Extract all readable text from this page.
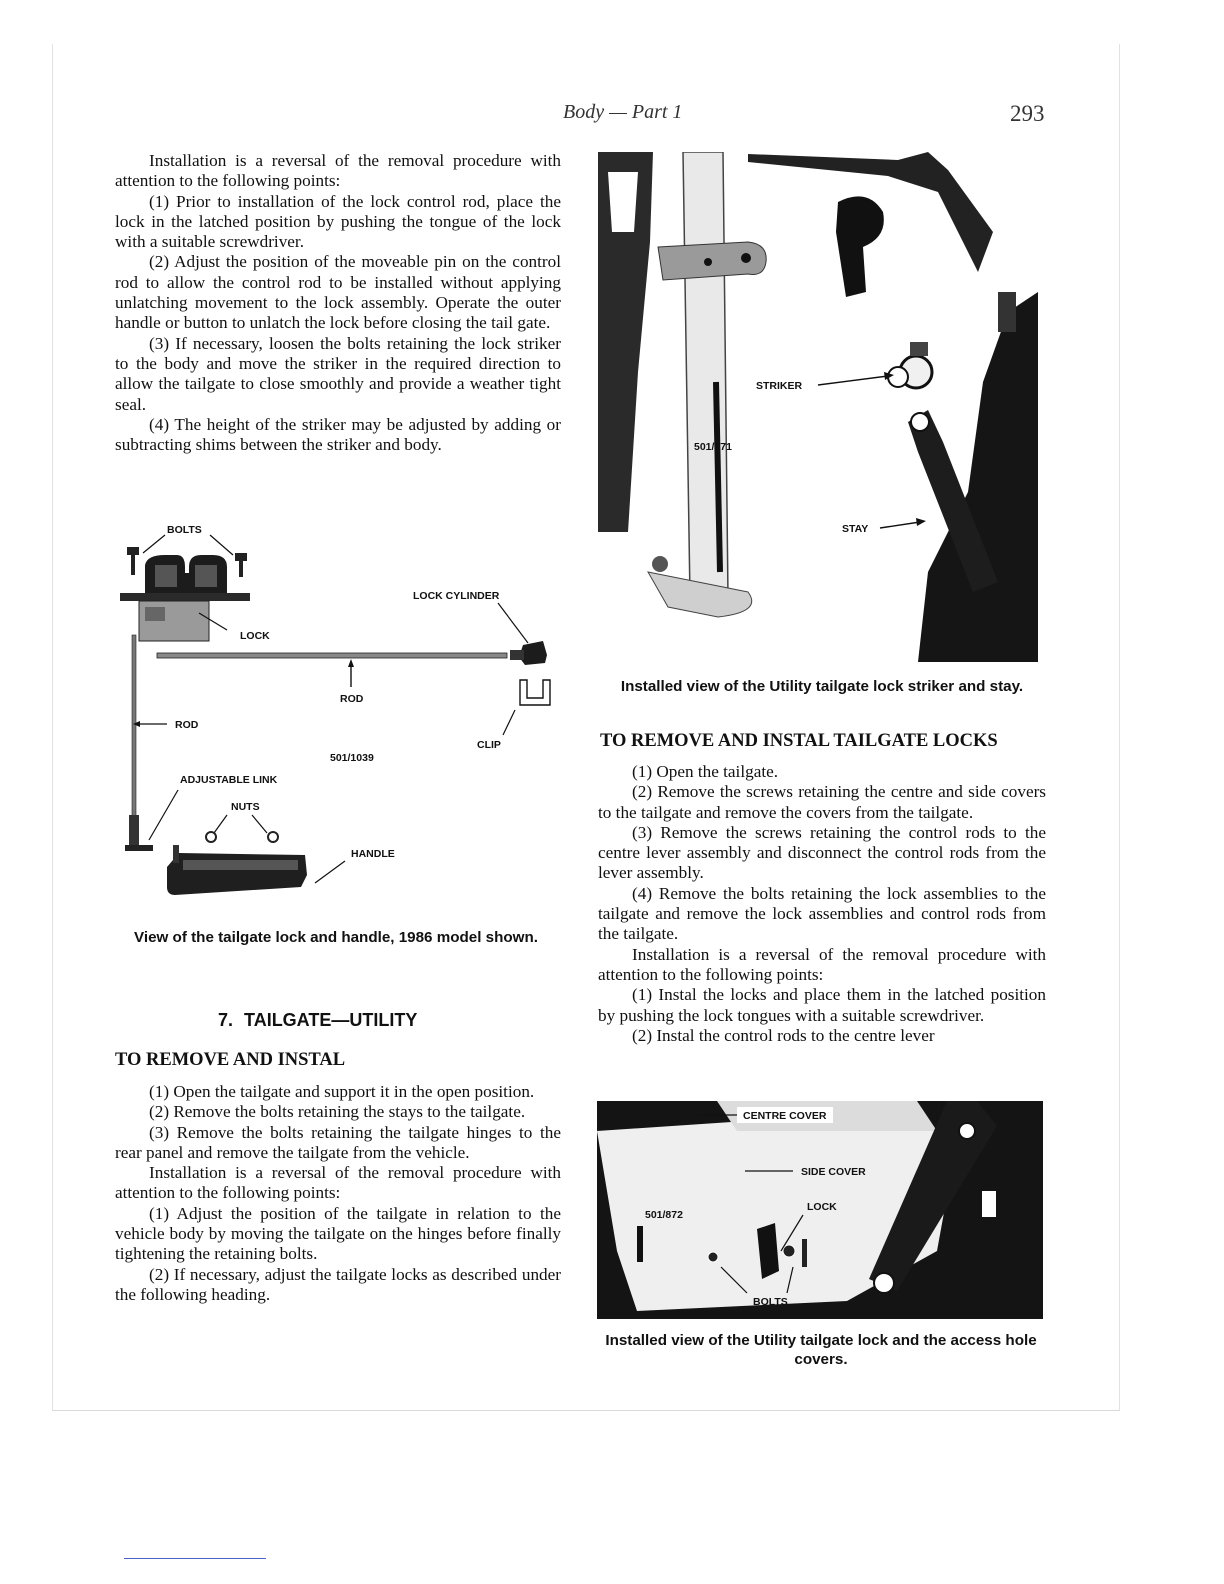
Body — Part 1	293

Installation is a reversal of the removal procedure with attention to the following points:

(1) Prior to installation of the lock control rod, place the lock in the latched position by pushing the tongue of the lock with a suitable screwdriver.

(2) Adjust the position of the moveable pin on the control rod to allow the control rod to be installed without applying unlatching movement to the lock assembly. Operate the outer handle or button to unlatch the lock before closing the tail gate.

(3) If necessary, loosen the bolts retaining the lock striker to the body and move the striker in the required direction to allow the tailgate to close smoothly and provide a weather tight seal.

(4) The height of the striker may be adjusted by adding or subtracting shims between the striker and body.

BOLTS
LOCK
LOCK CYLINDER
ROD
CLIP
ROD
501/1039
ADJUSTABLE LINK
NUTS
HANDLE
View of the tailgate lock and handle, 1986 model shown.
7. TAILGATE—UTILITY
TO REMOVE AND INSTAL

(1) Open the tailgate and support it in the open position.

(2) Remove the bolts retaining the stays to the tailgate.

(3) Remove the bolts retaining the tailgate hinges to the rear panel and remove the tailgate from the vehicle.

Installation is a reversal of the removal procedure with attention to the following points:

(1) Adjust the position of the tailgate in relation to the vehicle body by moving the tailgate on the hinges before finally tightening the retaining bolts.

(2) If necessary, adjust the tailgate locks as described under the following heading.

STRIKER
501/871
STAY
Installed view of the Utility tailgate lock striker and stay.
TO REMOVE AND INSTAL TAILGATE LOCKS

(1) Open the tailgate.

(2) Remove the screws retaining the centre and side covers to the tailgate and remove the covers from the tailgate.

(3) Remove the screws retaining the control rods to the centre lever assembly and disconnect the control rods from the lever assembly.

(4) Remove the bolts retaining the lock assemblies to the tailgate and remove the lock assemblies and control rods from the tailgate.

Installation is a reversal of the removal procedure with attention to the following points:

(1) Instal the locks and place them in the latched position by pushing the lock tongues with a suitable screwdriver.

(2) Instal the control rods to the centre lever

CENTRE COVER
SIDE COVER
501/872
LOCK
BOLTS
Installed view of the Utility tailgate lock and the access hole covers.
